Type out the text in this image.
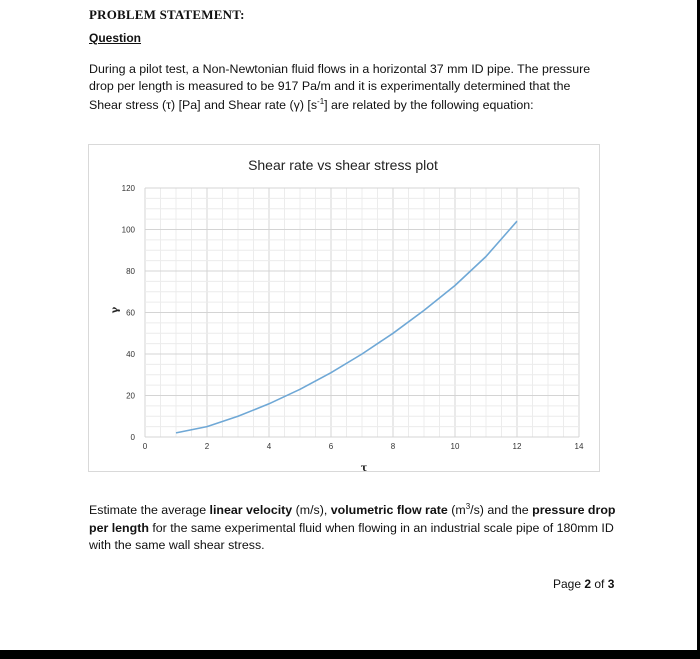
PROBLEM STATEMENT:
Question
During a pilot test, a Non-Newtonian fluid flows in a horizontal 37 mm ID pipe. The pressure
drop per length is measured to be 917 Pa/m and it is experimentally determined that the
Shear stress (τ) [Pa] and Shear rate (γ) $[s^{-1}]$ are related by the following equation:
Shear rate vs shear stress plot
0	2	4	6	8	10	12	14
0
20
40
60
80
100
120
τ
γ
Estimate the average linear velocity (m/s), volumetric flow rate $(m^3/s)$ and the pressure drop per length for the same experimental fluid when flowing in an industrial scale pipe of 180mm ID with the same wall shear stress.
Page 2 of 3
